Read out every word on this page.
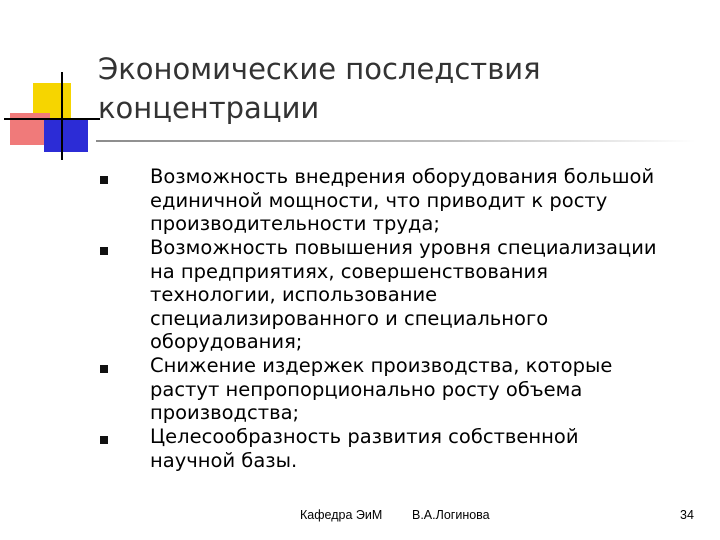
Экономические последствия
концентрации
Возможность внедрения оборудования большой
единичной мощности, что приводит к росту
производительности труда;
Возможность повышения уровня специализации
на предприятиях, совершенствования
технологии, использование
специализированного и специального
оборудования;
Снижение издержек производства, которые
растут непропорционально росту объема
производства;
Целесообразность развития собственной
научной базы.
Кафедра ЭиМ В.А.Логинова	34
